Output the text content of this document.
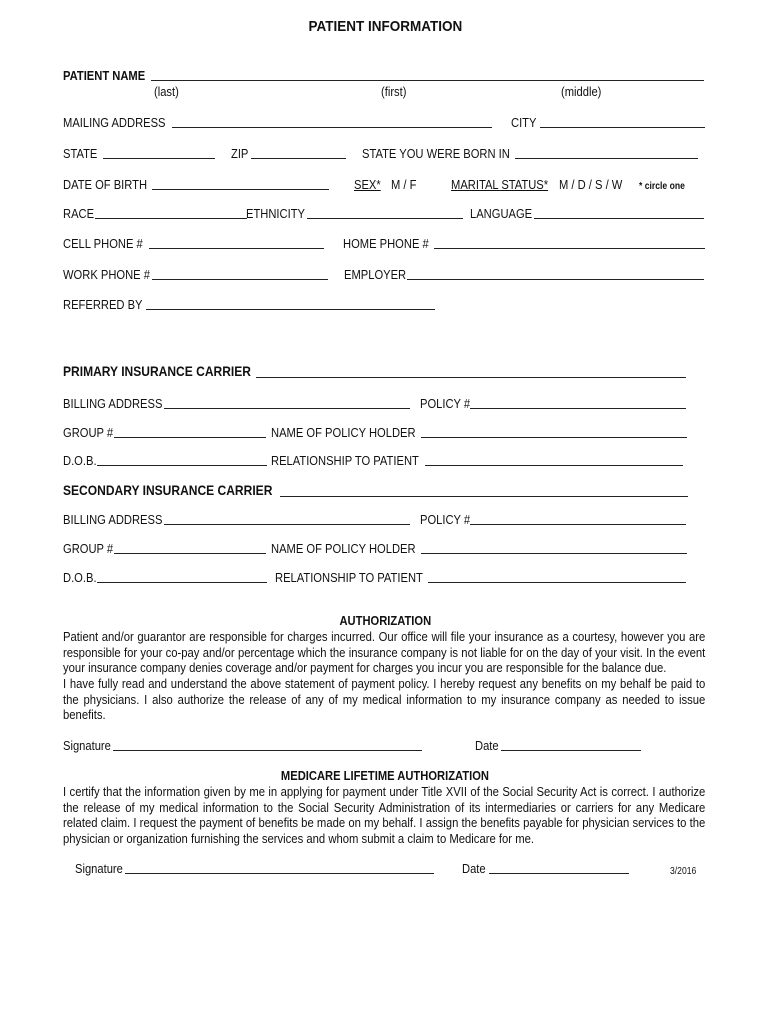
PATIENT INFORMATION
PATIENT NAME
(last)	(first)	(middle)
MAILING ADDRESS	CITY
STATE	ZIP	STATE YOU WERE BORN IN
DATE OF BIRTH	SEX* M / F	MARITAL STATUS* M / D / S / W * circle one
RACE	ETHNICITY	LANGUAGE
CELL PHONE #	HOME PHONE #
WORK PHONE #	EMPLOYER
REFERRED BY
PRIMARY INSURANCE CARRIER
BILLING ADDRESS	POLICY #
GROUP #	NAME OF POLICY HOLDER
D.O.B.	RELATIONSHIP TO PATIENT
SECONDARY INSURANCE CARRIER
BILLING ADDRESS	POLICY #
GROUP #	NAME OF POLICY HOLDER
D.O.B.	RELATIONSHIP TO PATIENT
AUTHORIZATION

Patient and/or guarantor are responsible for charges incurred. Our office will file your insurance as a courtesy, however you are responsible for your co-pay and/or percentage which the insurance company is not liable for on the day of your visit. In the event your insurance company denies coverage and/or payment for charges you incur you are responsible for the balance due.

I have fully read and understand the above statement of payment policy. I hereby request any benefits on my behalf be paid to the physicians. I also authorize the release of any of my medical information to my insurance company as needed to issue benefits.

Signature	Date
MEDICARE LIFETIME AUTHORIZATION

I certify that the information given by me in applying for payment under Title XVII of the Social Security Act is correct. I authorize the release of my medical information to the Social Security Administration of its intermediaries or carriers for any Medicare related claim. I request the payment of benefits be made on my behalf. I assign the benefits payable for physician services to the physician or organization furnishing the services and whom submit a claim to Medicare for me.

Signature	Date	3/2016
